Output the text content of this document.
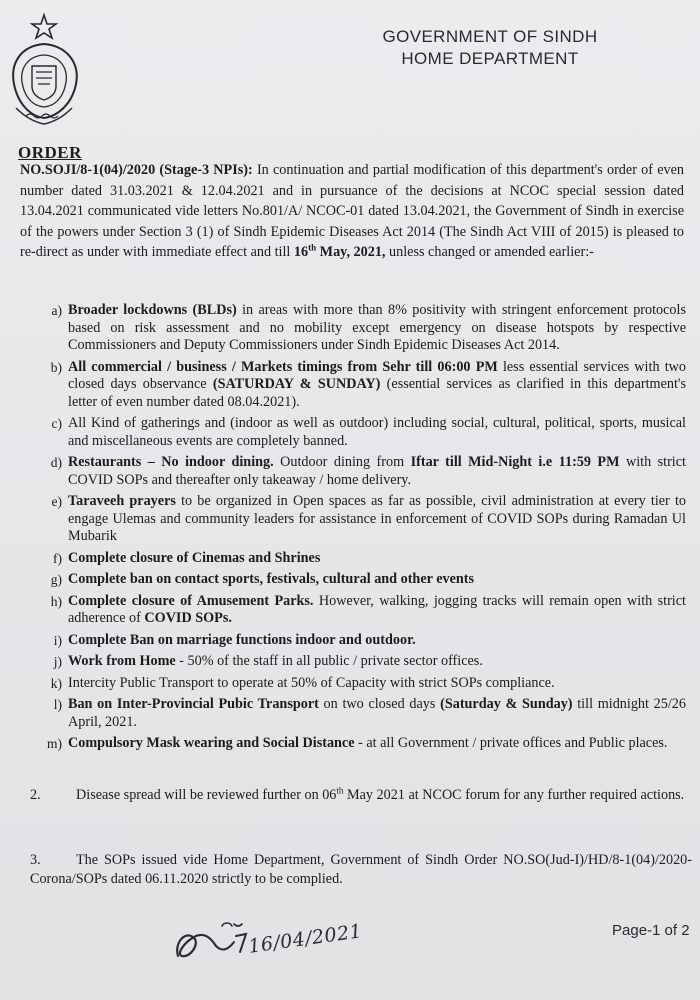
GOVERNMENT OF SINDH
HOME DEPARTMENT
ORDER
NO.SOJI/8-1(04)/2020 (Stage-3 NPIs): In continuation and partial modification of this department's order of even number dated 31.03.2021 & 12.04.2021 and in pursuance of the decisions at NCOC special session dated 13.04.2021 communicated vide letters No.801/A/ NCOC-01 dated 13.04.2021, the Government of Sindh in exercise of the powers under Section 3 (1) of Sindh Epidemic Diseases Act 2014 (The Sindh Act VIII of 2015) is pleased to re-direct as under with immediate effect and till 16th May, 2021, unless changed or amended earlier:-
a) Broader lockdowns (BLDs) in areas with more than 8% positivity with stringent enforcement protocols based on risk assessment and no mobility except emergency on disease hotspots by respective Commissioners and Deputy Commissioners under Sindh Epidemic Diseases Act 2014.
b) All commercial / business / Markets timings from Sehr till 06:00 PM less essential services with two closed days observance (SATURDAY & SUNDAY) (essential services as clarified in this department's letter of even number dated 08.04.2021).
c) All Kind of gatherings and (indoor as well as outdoor) including social, cultural, political, sports, musical and miscellaneous events are completely banned.
d) Restaurants – No indoor dining. Outdoor dining from Iftar till Mid-Night i.e 11:59 PM with strict COVID SOPs and thereafter only takeaway / home delivery.
e) Taraveeh prayers to be organized in Open spaces as far as possible, civil administration at every tier to engage Ulemas and community leaders for assistance in enforcement of COVID SOPs during Ramadan Ul Mubarik
f) Complete closure of Cinemas and Shrines
g) Complete ban on contact sports, festivals, cultural and other events
h) Complete closure of Amusement Parks. However, walking, jogging tracks will remain open with strict adherence of COVID SOPs.
i) Complete Ban on marriage functions indoor and outdoor.
j) Work from Home - 50% of the staff in all public / private sector offices.
k) Intercity Public Transport to operate at 50% of Capacity with strict SOPs compliance.
l) Ban on Inter-Provincial Pubic Transport on two closed days (Saturday & Sunday) till midnight 25/26 April, 2021.
m) Compulsory Mask wearing and Social Distance - at all Government / private offices and Public places.
2. Disease spread will be reviewed further on 06th May 2021 at NCOC forum for any further required actions.
3. The SOPs issued vide Home Department, Government of Sindh Order NO.SO(Jud-I)/HD/8-1(04)/2020-Corona/SOPs dated 06.11.2020 strictly to be complied.
16/04/2021	Page-1 of 2
